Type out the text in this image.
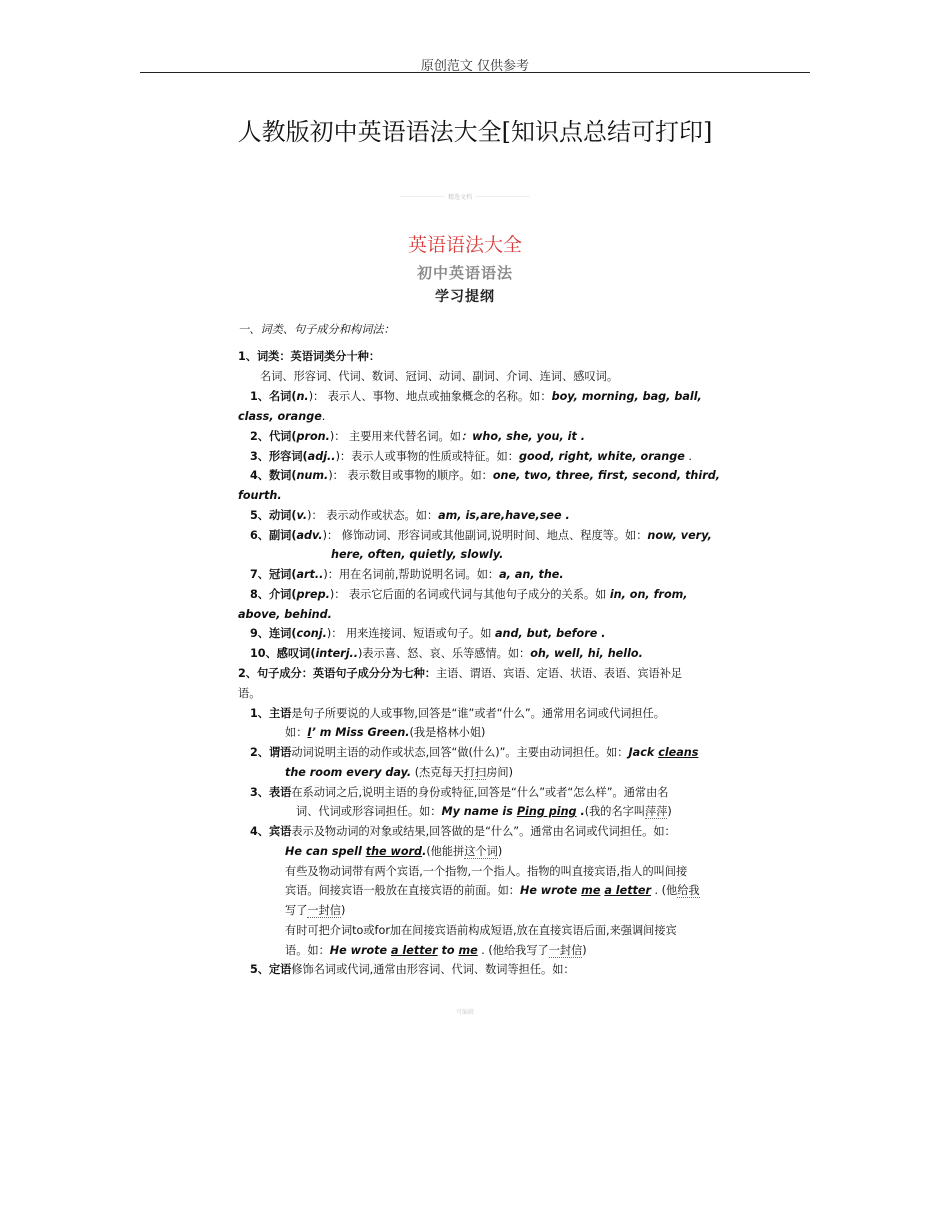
原创范文 仅供参考
人教版初中英语语法大全[知识点总结可打印]
精选文档
英语语法大全
初中英语语法
学习提纲
一、词类、句子成分和构词法：
1、词类：英语词类分十种：
名词、形容词、代词、数词、冠词、动词、副词、介词、连词、感叹词。
1、名词(n.)： 表示人、事物、地点或抽象概念的名称。如：boy, morning, bag, ball,
class, orange.
2、代词(pron.)： 主要用来代替名词。如：who, she, you, it .
3、形容词(adj..)：表示人或事物的性质或特征。如：good, right, white, orange .
4、数词(num.)： 表示数目或事物的顺序。如：one, two, three, first, second, third,
fourth.
5、动词(v.)： 表示动作或状态。如：am, is,are,have,see .
6、副词(adv.)： 修饰动词、形容词或其他副词,说明时间、地点、程度等。如：now, very,
here, often, quietly, slowly.
7、冠词(art..)：用在名词前,帮助说明名词。如：a, an, the.
8、介词(prep.)： 表示它后面的名词或代词与其他句子成分的关系。如 in, on, from,
above, behind.
9、连词(conj.)： 用来连接词、短语或句子。如 and, but, before .
10、感叹词(interj..)表示喜、怒、哀、乐等感情。如：oh, well, hi, hello.
2、句子成分：英语句子成分分为七种：主语、谓语、宾语、定语、状语、表语、宾语补足
语。
1、主语是句子所要说的人或事物,回答是“谁”或者“什么”。通常用名词或代词担任。
如：I’ m Miss Green.(我是格林小姐)
2、谓语动词说明主语的动作或状态,回答“做(什么)”。主要由动词担任。如：Jack cleans
the room every day. (杰克每天打扫房间)
3、表语在系动词之后,说明主语的身份或特征,回答是“什么”或者“怎么样”。通常由名
词、代词或形容词担任。如：My name is Ping ping .(我的名字叫萍萍)
4、宾语表示及物动词的对象或结果,回答做的是“什么”。通常由名词或代词担任。如：
He can spell the word.(他能拼这个词)
有些及物动词带有两个宾语,一个指物,一个指人。指物的叫直接宾语,指人的叫间接
宾语。间接宾语一般放在直接宾语的前面。如：He wrote me a letter . (他给我
写了一封信)
有时可把介词to或for加在间接宾语前构成短语,放在直接宾语后面,来强调间接宾
语。如：He wrote a letter to me . (他给我写了一封信)
5、定语修饰名词或代词,通常由形容词、代词、数词等担任。如：
可编辑
